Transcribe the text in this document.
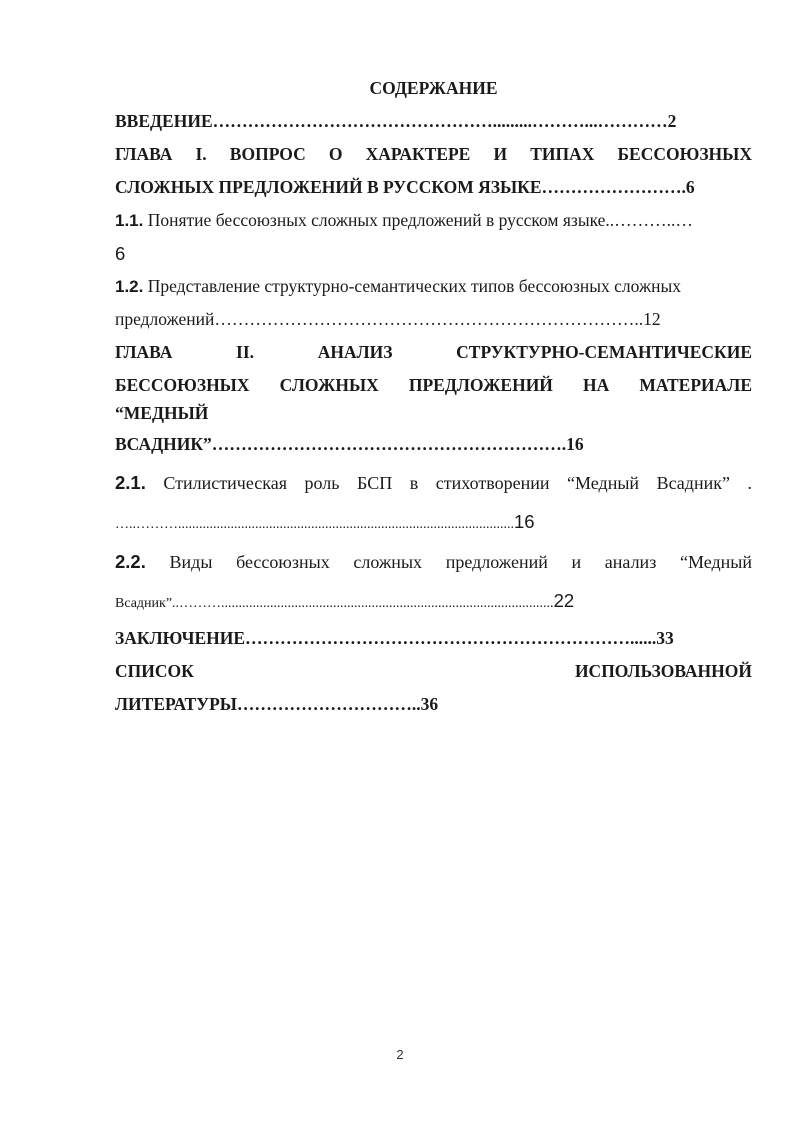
СОДЕРЖАНИЕ

ВВЕДЕНИЕ………………………………………….........………...…………2

ГЛАВА I. ВОПРОС О ХАРАКТЕРЕ И ТИПАХ БЕССОЮЗНЫХ

СЛОЖНЫХ ПРЕДЛОЖЕНИЙ В РУССКОМ ЯЗЫКЕ…………………….6

1.1. Понятие бессоюзных сложных предложений в русском языке..………..…

6

1.2. Представление структурно-семантических типов бессоюзных сложных

предложений………………………………………………………………..12

ГЛАВА II. АНАЛИЗ СТРУКТУРНО-СЕМАНТИЧЕСКИЕ

БЕССОЮЗНЫХ СЛОЖНЫХ ПРЕДЛОЖЕНИЙ НА МАТЕРИАЛЕ

“МЕДНЫЙ

ВСАДНИК”…………………………………………………….16

2.1. Стилистическая роль БСП в стихотворении “Медный Всадник” .

…..………................................................................................................16

2.2. Виды бессоюзных сложных предложений и анализ “Медный

Всадник”..………...............................................................................................22

ЗАКЛЮЧЕНИЕ…………………………………………………………......33

СПИСОК ИСПОЛЬЗОВАННОЙ

ЛИТЕРАТУРЫ…………………………..36

2
